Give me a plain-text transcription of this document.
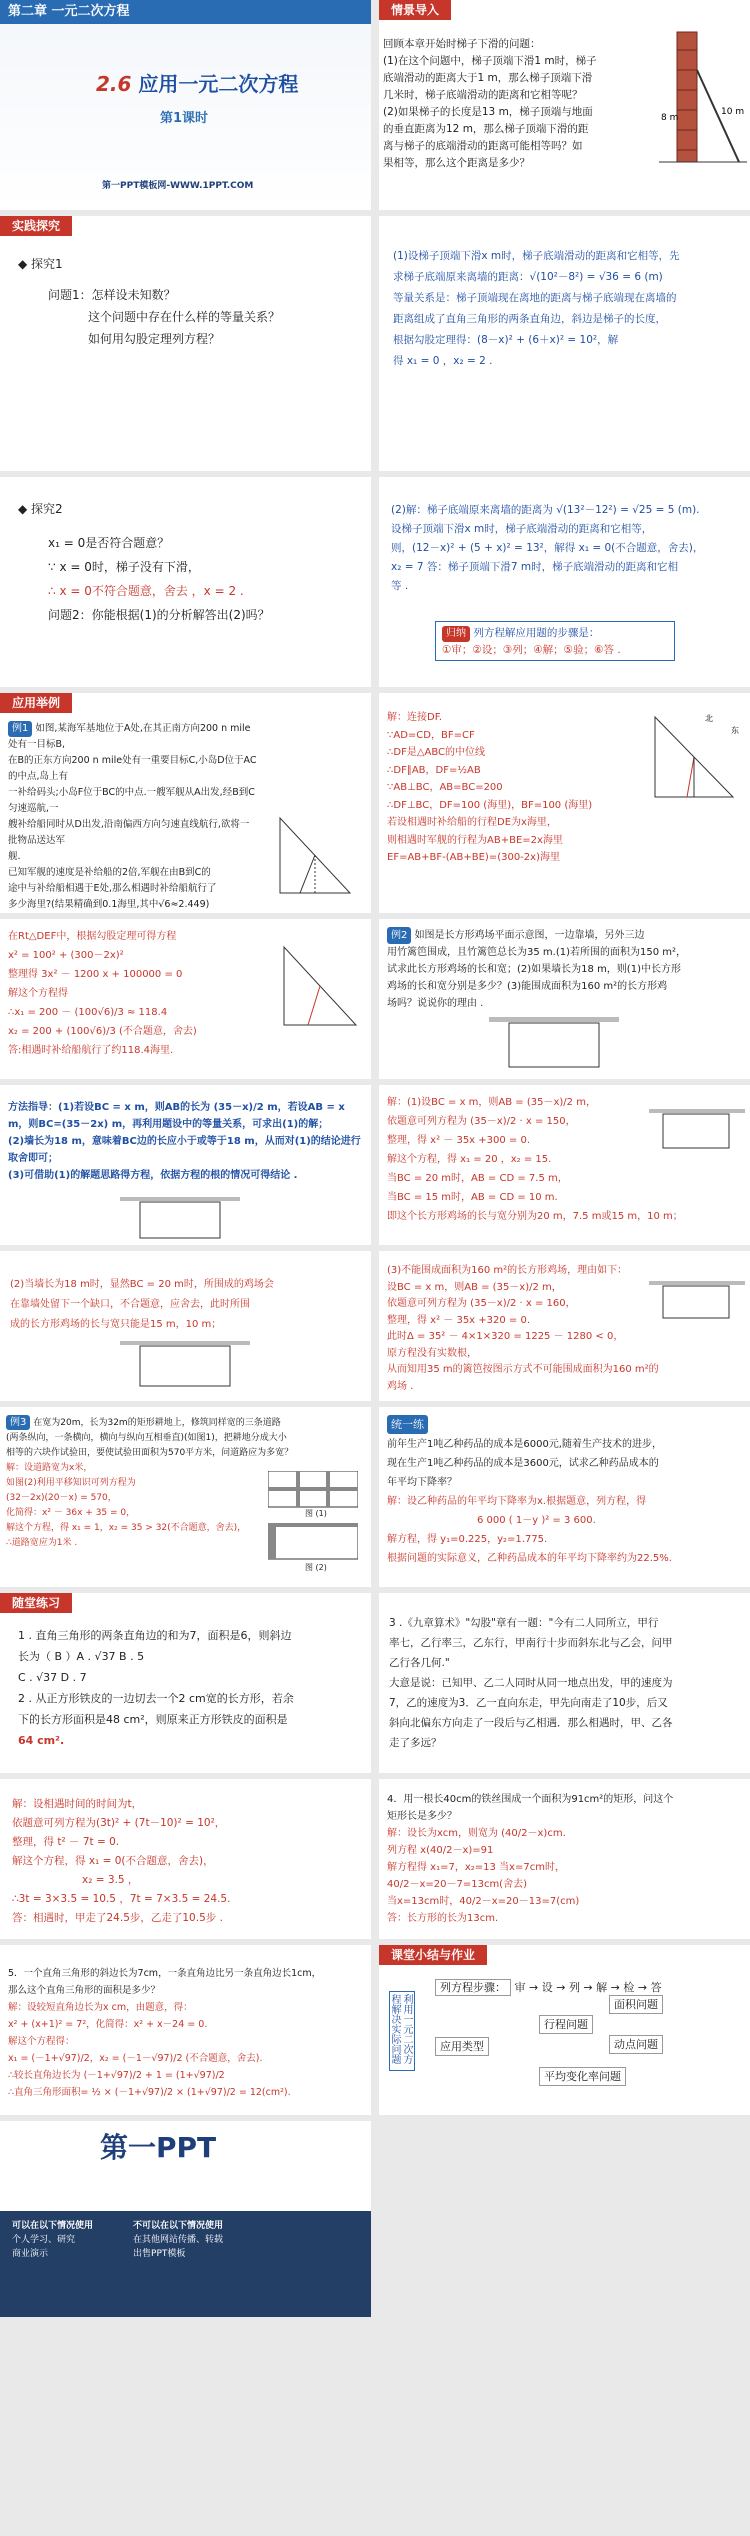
第二章 一元二次方程
2.6 应用一元二次方程
第1课时
第一PPT模板网-WWW.1PPT.COM
情景导入
回顾本章开始时梯子下滑的问题：
(1)在这个问题中，梯子顶端下滑1 m时，梯子
底端滑动的距离大于1 m，那么梯子顶端下滑
几米时，梯子底端滑动的距离和它相等呢？
(2)如果梯子的长度是13 m，梯子顶端与地面
的垂直距离为12 m，那么梯子顶端下滑的距
离与梯子的底端滑动的距离可能相等吗？如
果相等，那么这个距离是多少？
8 m
10 m
实践探究
◆ 探究1
问题1：怎样设未知数？
这个问题中存在什么样的等量关系？
如何用勾股定理列方程？
(1)设梯子顶端下滑x m时，梯子底端滑动的距离和它相等，先
求梯子底端原来离墙的距离：√(10²－8²) = √36 = 6 (m)
等量关系是：梯子顶端现在离地的距离与梯子底端现在离墙的
距离组成了直角三角形的两条直角边，斜边是梯子的长度，
根据勾股定理得：(8－x)² + (6＋x)² = 10²，解
得 x₁ = 0 ，x₂ = 2 .
◆ 探究2
x₁ = 0是否符合题意？
∵ x = 0时，梯子没有下滑，
∴ x = 0不符合题意，舍去 ，x = 2 .
问题2：你能根据(1)的分析解答出(2)吗？
(2)解：梯子底端原来离墙的距离为 √(13²－12²) = √25 = 5 (m).
设梯子顶端下滑x m时，梯子底端滑动的距离和它相等，
则，(12－x)² + (5 + x)² = 13²，解得 x₁ = 0(不合题意，舍去)，
x₂ = 7 答：梯子顶端下滑7 m时，梯子底端滑动的距离和它相
等 .
归纳 列方程解应用题的步骤是：
①审；②设；③列；④解；⑤验；⑥答 .
应用举例
例1 如图,某海军基地位于A处,在其正南方向200 n mile 处有一目标B,
在B的正东方向200 n mile处有一重要目标C,小岛D位于AC的中点,岛上有
一补给码头;小岛F位于BC的中点.一艘军舰从A出发,经B到C匀速巡航,一
艘补给船同时从D出发,沿南偏西方向匀速直线航行,欲将一批物品送达军
舰.
已知军舰的速度是补给船的2倍,军舰在由B到C的
途中与补给船相遇于E处,那么相遇时补给船航行了
多少海里?(结果精确到0.1海里,其中√6≈2.449)
解：连接DF.
∵AD=CD，BF=CF
∴DF是△ABC的中位线
∴DF∥AB，DF=½AB
∵AB⊥BC，AB=BC=200
∴DF⊥BC，DF=100 (海里)，BF=100 (海里)
若设相遇时补给船的行程DE为x海里，
则相遇时军舰的行程为AB+BE=2x海里
EF=AB+BF-(AB+BE)=(300-2x)海里
北
东
在Rt△DEF中，根据勾股定理可得方程
x² = 100² + (300－2x)²
整理得 3x² － 1200 x + 100000 = 0
解这个方程得
∴x₁ = 200 － (100√6)/3 ≈ 118.4
x₂ = 200 + (100√6)/3 (不合题意，舍去)
答:相遇时补给船航行了约118.4海里.
例2 如图是长方形鸡场平面示意图，一边靠墙，另外三边
用竹篱笆围成，且竹篱笆总长为35 m.(1)若所围的面积为150 m²，
试求此长方形鸡场的长和宽；(2)如果墙长为18 m，则(1)中长方形
鸡场的长和宽分别是多少？(3)能围成面积为160 m²的长方形鸡
场吗？说说你的理由 .
方法指导：(1)若设BC = x m，则AB的长为 (35－x)/2 m，若设AB = x m，则BC=(35－2x) m，再利用题设中的等量关系，可求出(1)的解；
(2)墙长为18 m，意味着BC边的长应小于或等于18 m，从而对(1)的结论进行取舍即可；
(3)可借助(1)的解题思路得方程，依据方程的根的情况可得结论 .
解：(1)设BC = x m，则AB = (35－x)/2 m，
依题意可列方程为 (35－x)/2 · x = 150，
整理，得 x² － 35x +300 = 0.
解这个方程，得 x₁ = 20 ，x₂ = 15.
当BC = 20 m时，AB = CD = 7.5 m，
当BC = 15 m时，AB = CD = 10 m.
即这个长方形鸡场的长与宽分别为20 m，7.5 m或15 m，10 m；
(2)当墙长为18 m时，显然BC = 20 m时，所围成的鸡场会
在靠墙处留下一个缺口，不合题意，应舍去，此时所围
成的长方形鸡场的长与宽只能是15 m，10 m；
(3)不能围成面积为160 m²的长方形鸡场，理由如下：
设BC = x m，则AB = (35－x)/2 m，
依题意可列方程为 (35－x)/2 · x = 160，
整理，得 x² － 35x +320 = 0.
此时Δ = 35² － 4×1×320 = 1225 － 1280 < 0，
原方程没有实数根，
从而知用35 m的篱笆按图示方式不可能围成面积为160 m²的
鸡场 .
例3 在宽为20m，长为32m的矩形耕地上，修筑同样宽的三条道路
(两条纵向，一条横向，横向与纵向互相垂直)(如图1)，把耕地分成大小
相等的六块作试验田，要使试验田面积为570平方米，问道路应为多宽？
解：设道路宽为x米，
如图(2)利用平移知识可列方程为
(32－2x)(20－x) = 570，
化简得：x² － 36x + 35 = 0，
解这个方程，得 x₁ = 1，x₂ = 35 > 32(不合题意，舍去)，
∴道路宽应为1米 .
图 (1)
图 (2)
统一练
前年生产1吨乙种药品的成本是6000元,随着生产技术的进步，
现在生产1吨乙种药品的成本是3600元，试求乙种药品成本的
年平均下降率？
解：设乙种药品的年平均下降率为x.根据题意，列方程，得
6 000 ( 1－y )² = 3 600.
解方程，得 y₁=0.225，y₂=1.775.
根据问题的实际意义，乙种药品成本的年平均下降率约为22.5%.
随堂练习
1 . 直角三角形的两条直角边的和为7，面积是6，则斜边
长为（ B ）A . √37 B . 5
C . √37 D . 7
2 . 从正方形铁皮的一边切去一个2 cm宽的长方形，若余
下的长方形面积是48 cm²，则原来正方形铁皮的面积是
64 cm².
3 .《九章算术》"勾股"章有一题："今有二人同所立，甲行
率七，乙行率三，乙东行，甲南行十步而斜东北与乙会，问甲
乙行各几何."
大意是说：已知甲、乙二人同时从同一地点出发，甲的速度为
7，乙的速度为3．乙一直向东走，甲先向南走了10步，后又
斜向北偏东方向走了一段后与乙相遇．那么相遇时，甲、乙各
走了多远？
解：设相遇时间的时间为t，
依题意可列方程为(3t)² + (7t－10)² = 10²，
整理，得 t² － 7t = 0.
解这个方程，得 x₁ = 0(不合题意，舍去)，
x₂ = 3.5 ，
∴3t = 3×3.5 = 10.5 ，7t = 7×3.5 = 24.5.
答：相遇时，甲走了24.5步，乙走了10.5步 .
4．用一根长40cm的铁丝围成一个面积为91cm²的矩形，问这个
矩形长是多少？
解：设长为xcm，则宽为 (40/2－x)cm.
列方程 x(40/2－x)=91
解方程得 x₁=7，x₂=13 当x=7cm时，
40/2－x=20－7=13cm(舍去)
当x=13cm时，40/2－x=20－13=7(cm)
答：长方形的长为13cm.
5．一个直角三角形的斜边长为7cm，一条直角边比另一条直角边长1cm，
那么这个直角三角形的面积是多少？
解：设较短直角边长为x cm，由题意，得：
x² + (x+1)² = 7²，化简得：x² + x－24 = 0.
解这个方程得：
x₁ = (－1+√97)/2，x₂ = (－1－√97)/2 (不合题意，舍去).
∴较长直角边长为 (－1+√97)/2 + 1 = (1+√97)/2
∴直角三角形面积= ½ × (－1+√97)/2 × (1+√97)/2 = 12(cm²).
课堂小结与作业
利用一元二次方程解决实际问题
列方程步骤： 审 → 设 → 列 → 解 → 检 → 答
应用类型
行程问题
面积问题
动点问题
平均变化率问题
第一PPT
可以在以下情况使用
个人学习、研究
商业演示
不可以在以下情况使用
在其他网站传播、转载
出售PPT模板
